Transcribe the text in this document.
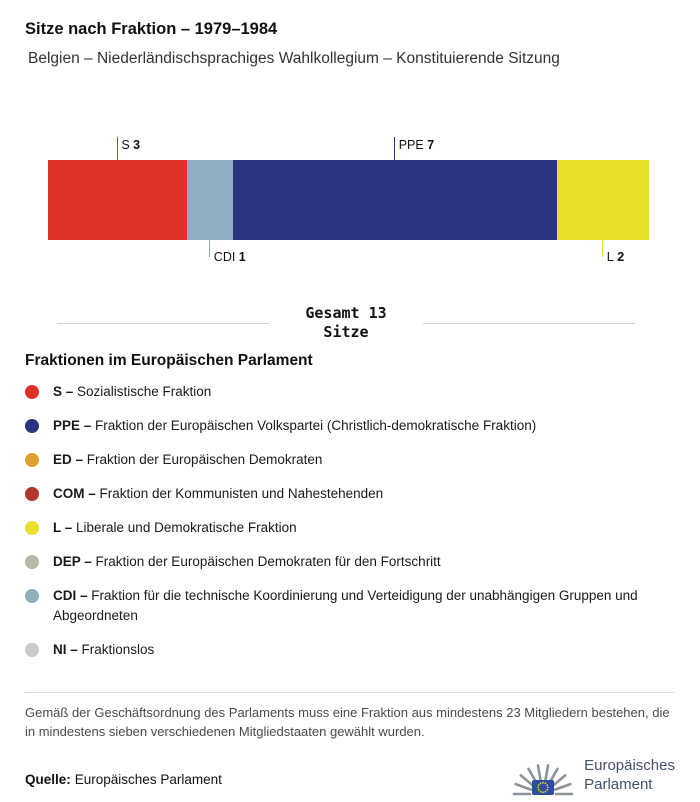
Sitze nach Fraktion – 1979–1984
Belgien – Niederländischsprachiges Wahlkollegium – Konstituierende Sitzung
S 3
CDI 1
PPE 7
L 2
Gesamt 13
Sitze
Fraktionen im Europäischen Parlament
S – Sozialistische Fraktion
PPE – Fraktion der Europäischen Volkspartei (Christlich-demokratische Fraktion)
ED – Fraktion der Europäischen Demokraten
COM – Fraktion der Kommunisten und Nahestehenden
L – Liberale und Demokratische Fraktion
DEP – Fraktion der Europäischen Demokraten für den Fortschritt
CDI – Fraktion für die technische Koordinierung und Verteidigung der unabhängigen Gruppen und Abgeordneten
NI – Fraktionslos

Gemäß der Geschäftsordnung des Parlaments muss eine Fraktion aus mindestens 23 Mitgliedern bestehen, die in mindestens sieben verschiedenen Mitgliedstaaten gewählt wurden.

Quelle: Europäisches Parlament
Europäisches
Parlament
